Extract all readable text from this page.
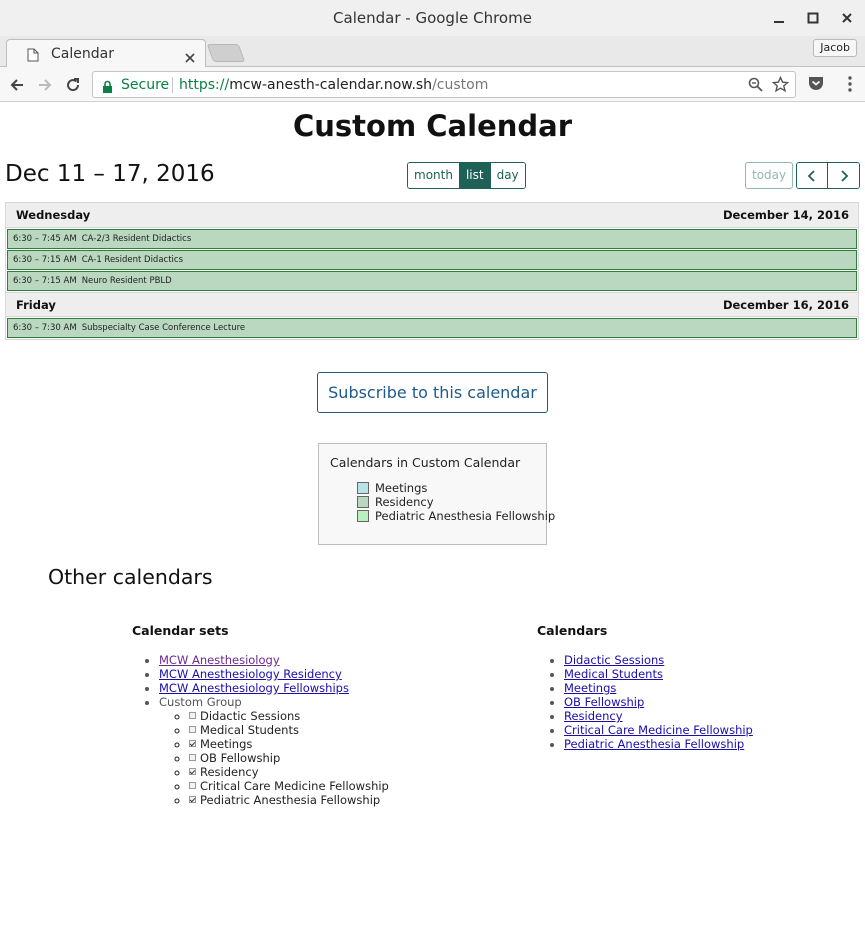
Calendar - Google Chrome
Calendar	Jacob
Secure https://mcw-anesth-calendar.now.sh/custom
Custom Calendar
Dec 11 – 17, 2016	month	list	day	today
Wednesday	December 14, 2016
6:30 – 7:45 AM CA-2/3 Resident Didactics
6:30 – 7:15 AM CA-1 Resident Didactics
6:30 – 7:15 AM Neuro Resident PBLD
Friday	December 16, 2016
6:30 – 7:30 AM Subspecialty Case Conference Lecture
Subscribe to this calendar
Calendars in Custom Calendar
Meetings
Residency
Pediatric Anesthesia Fellowship
Other calendars
Calendar sets
• MCW Anesthesiology
• MCW Anesthesiology Residency
• MCW Anesthesiology Fellowships
• Custom Group
◦ Didactic Sessions
◦ Medical Students
◦ Meetings
◦ OB Fellowship
◦ Residency
◦ Critical Care Medicine Fellowship
◦ Pediatric Anesthesia Fellowship
Calendars
• Didactic Sessions
• Medical Students
• Meetings
• OB Fellowship
• Residency
• Critical Care Medicine Fellowship
• Pediatric Anesthesia Fellowship
